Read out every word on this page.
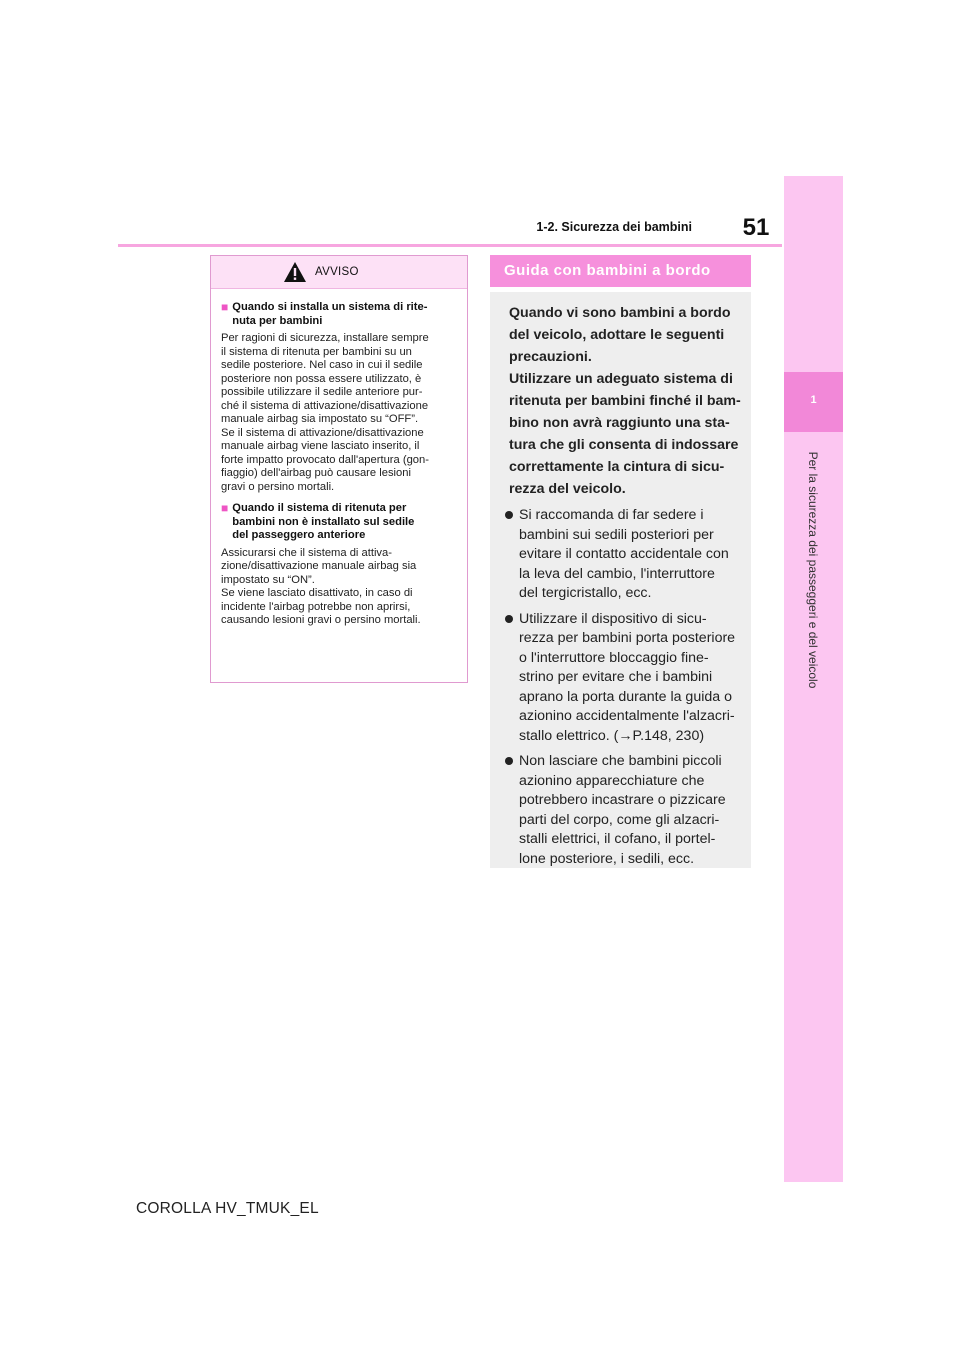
1-2. Sicurezza dei bambini 51
1
Per la sicurezza dei passeggeri e del veicolo
AVVISO
■ Quando si installa un sistema di rite-
nuta per bambini
Per ragioni di sicurezza, installare sempre
il sistema di ritenuta per bambini su un
sedile posteriore. Nel caso in cui il sedile
posteriore non possa essere utilizzato, è
possibile utilizzare il sedile anteriore pur-
ché il sistema di attivazione/disattivazione
manuale airbag sia impostato su “OFF”.
Se il sistema di attivazione/disattivazione
manuale airbag viene lasciato inserito, il
forte impatto provocato dall'apertura (gon-
fiaggio) dell'airbag può causare lesioni
gravi o persino mortali.
■ Quando il sistema di ritenuta per
bambini non è installato sul sedile
del passeggero anteriore
Assicurarsi che il sistema di attiva-
zione/disattivazione manuale airbag sia
impostato su “ON”.
Se viene lasciato disattivato, in caso di
incidente l'airbag potrebbe non aprirsi,
causando lesioni gravi o persino mortali.
Guida con bambini a bordo
Quando vi sono bambini a bordo
del veicolo, adottare le seguenti
precauzioni.
Utilizzare un adeguato sistema di
ritenuta per bambini finché il bam-
bino non avrà raggiunto una sta-
tura che gli consenta di indossare
correttamente la cintura di sicu-
rezza del veicolo.
Si raccomanda di far sedere i
bambini sui sedili posteriori per
evitare il contatto accidentale con
la leva del cambio, l'interruttore
del tergicristallo, ecc.
Utilizzare il dispositivo di sicu-
rezza per bambini porta posteriore
o l'interruttore bloccaggio fine-
strino per evitare che i bambini
aprano la porta durante la guida o
azionino accidentalmente l'alzacri-
stallo elettrico. (→P.148, 230)
Non lasciare che bambini piccoli
azionino apparecchiature che
potrebbero incastrare o pizzicare
parti del corpo, come gli alzacri-
stalli elettrici, il cofano, il portel-
lone posteriore, i sedili, ecc.
COROLLA HV_TMUK_EL
